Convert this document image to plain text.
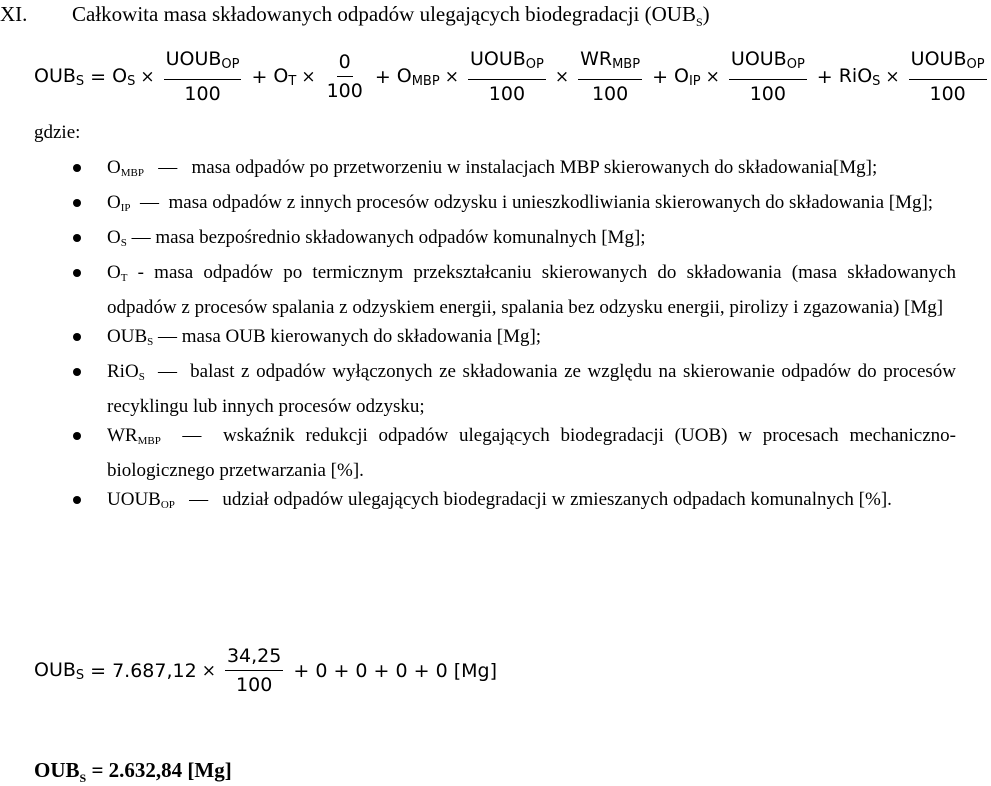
XI. Całkowita masa składowanych odpadów ulegających biodegradacji $(OUB_S)$
$OUB_S = O_S \times \frac{UOUB_{OP}}{100} + O_T \times \frac{0}{100} + O_{MBP} \times \frac{UOUB_{OP}}{100} \times \frac{WR_{MBP}}{100} + O_{IP} \times \frac{UOUB_{OP}}{100} + RiO_S \times \frac{UOUB_{OP}}{100}$
gdzie:
$O_{MBP}$ — masa odpadów po przetworzeniu w instalacjach MBP skierowanych do składowania[Mg];
$O_{IP}$ — masa odpadów z innych procesów odzysku i unieszkodliwiania skierowanych do składowania [Mg];
$O_S$ — masa bezpośrednio składowanych odpadów komunalnych [Mg];
$O_T$ - masa odpadów po termicznym przekształcaniu skierowanych do składowania (masa składowanych odpadów z procesów spalania z odzyskiem energii, spalania bez odzysku energii, pirolizy i zgazowania) [Mg]
$OUB_S$ — masa OUB kierowanych do składowania [Mg];
RiO$_S$ — balast z odpadów wyłączonych ze składowania ze względu na skierowanie odpadów do procesów recyklingu lub innych procesów odzysku;
$WR_{MBP}$ — wskaźnik redukcji odpadów ulegających biodegradacji (UOB) w procesach mechaniczno-biologicznego przetwarzania [%].
$UOUB_{OP}$ — udział odpadów ulegających biodegradacji w zmieszanych odpadach komunalnych [%].
$OUB_S = 7.687,12 \times \frac{34,25}{100} + 0 + 0 + 0 + 0$ [Mg]
$OUB_S = 2.632,84$ [Mg]
